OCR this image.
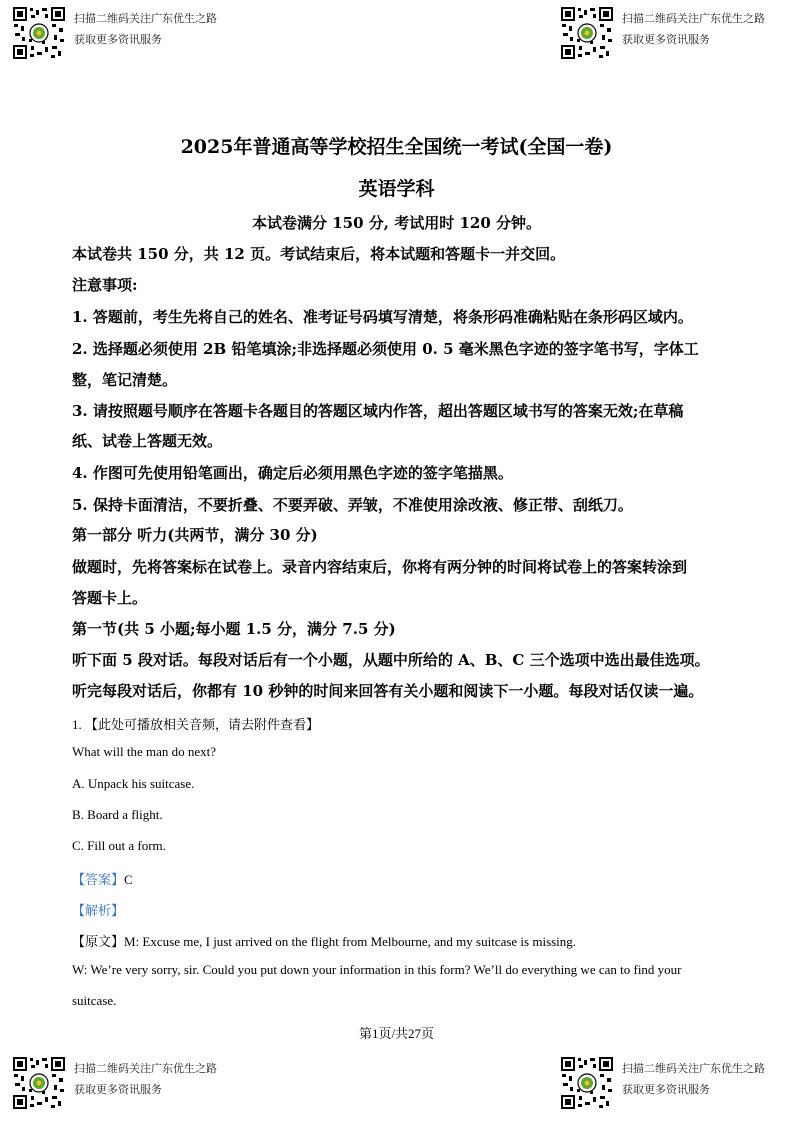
扫描二维码关注广东优生之路
获取更多资讯服务
扫描二维码关注广东优生之路
获取更多资讯服务
扫描二维码关注广东优生之路
获取更多资讯服务
扫描二维码关注广东优生之路
获取更多资讯服务
2025年普通高等学校招生全国统一考试(全国一卷)
英语学科
本试卷满分 150 分, 考试用时 120 分钟。
本试卷共 150 分，共 12 页。考试结束后，将本试题和答题卡一并交回。
注意事项:
1. 答题前，考生先将自己的姓名、准考证号码填写清楚，将条形码准确粘贴在条形码区域内。
2. 选择题必须使用 2B 铅笔填涂;非选择题必须使用 0. 5 毫米黑色字迹的签字笔书写，字体工
整，笔记清楚。
3. 请按照题号顺序在答题卡各题目的答题区域内作答，超出答题区域书写的答案无效;在草稿
纸、试卷上答题无效。
4. 作图可先使用铅笔画出，确定后必须用黑色字迹的签字笔描黑。
5. 保持卡面清洁，不要折叠、不要弄破、弄皱，不准使用涂改液、修正带、刮纸刀。
第一部分 听力(共两节，满分 30 分)
做题时，先将答案标在试卷上。录音内容结束后，你将有两分钟的时间将试卷上的答案转涂到
答题卡上。
第一节(共 5 小题;每小题 1.5 分，满分 7.5 分)
听下面 5 段对话。每段对话后有一个小题，从题中所给的 A、B、C 三个选项中选出最佳选项。
听完每段对话后，你都有 10 秒钟的时间来回答有关小题和阅读下一小题。每段对话仅读一遍。
1. 【此处可播放相关音频，请去附件查看】
What will the man do next?
A. Unpack his suitcase.
B. Board a flight.
C. Fill out a form.
【答案】C
【解析】
【原文】M: Excuse me, I just arrived on the flight from Melbourne, and my suitcase is missing.
W: We’re very sorry, sir. Could you put down your information in this form? We’ll do everything we can to find your
suitcase.
第1页/共27页
